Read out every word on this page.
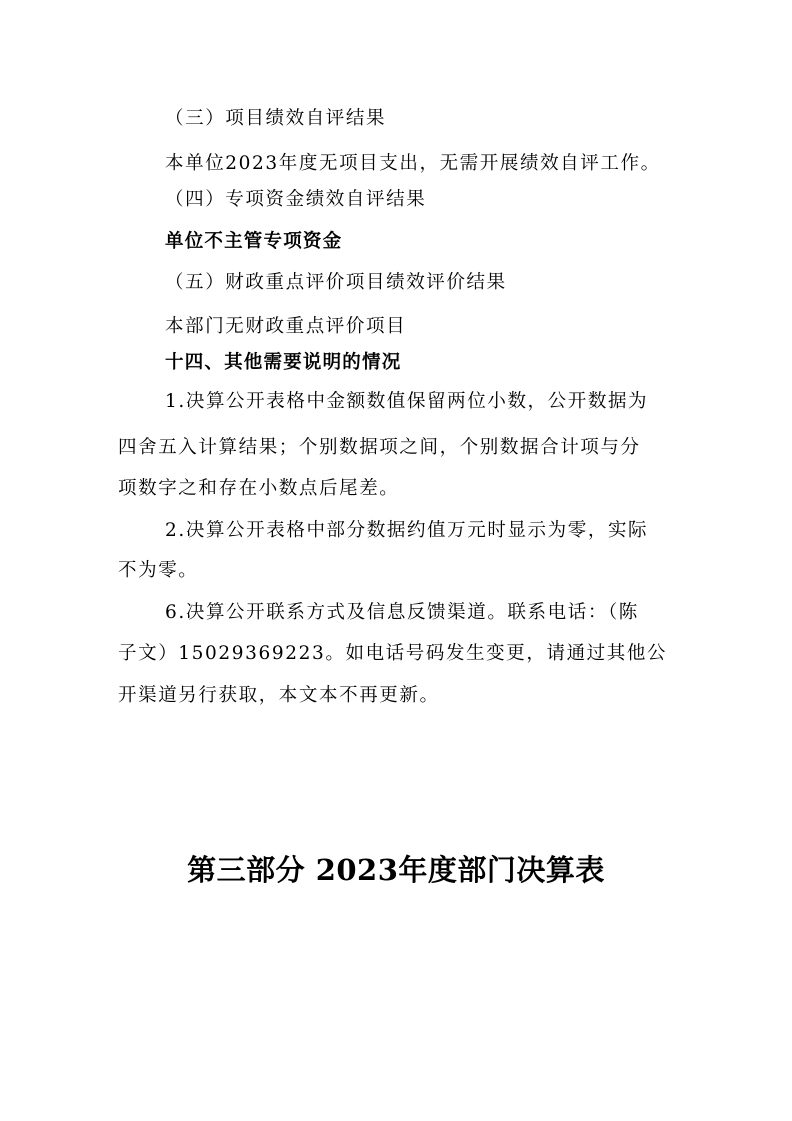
（三）项目绩效自评结果
本单位2023年度无项目支出，无需开展绩效自评工作。
（四）专项资金绩效自评结果
单位不主管专项资金
（五）财政重点评价项目绩效评价结果
本部门无财政重点评价项目
十四、其他需要说明的情况
1.决算公开表格中金额数值保留两位小数，公开数据为
四舍五入计算结果；个别数据项之间，个别数据合计项与分
项数字之和存在小数点后尾差。
2.决算公开表格中部分数据约值万元时显示为零，实际
不为零。
6.决算公开联系方式及信息反馈渠道。联系电话：（陈
子文）15029369223。如电话号码发生变更，请通过其他公
开渠道另行获取，本文本不再更新。
第三部分 2023年度部门决算表
